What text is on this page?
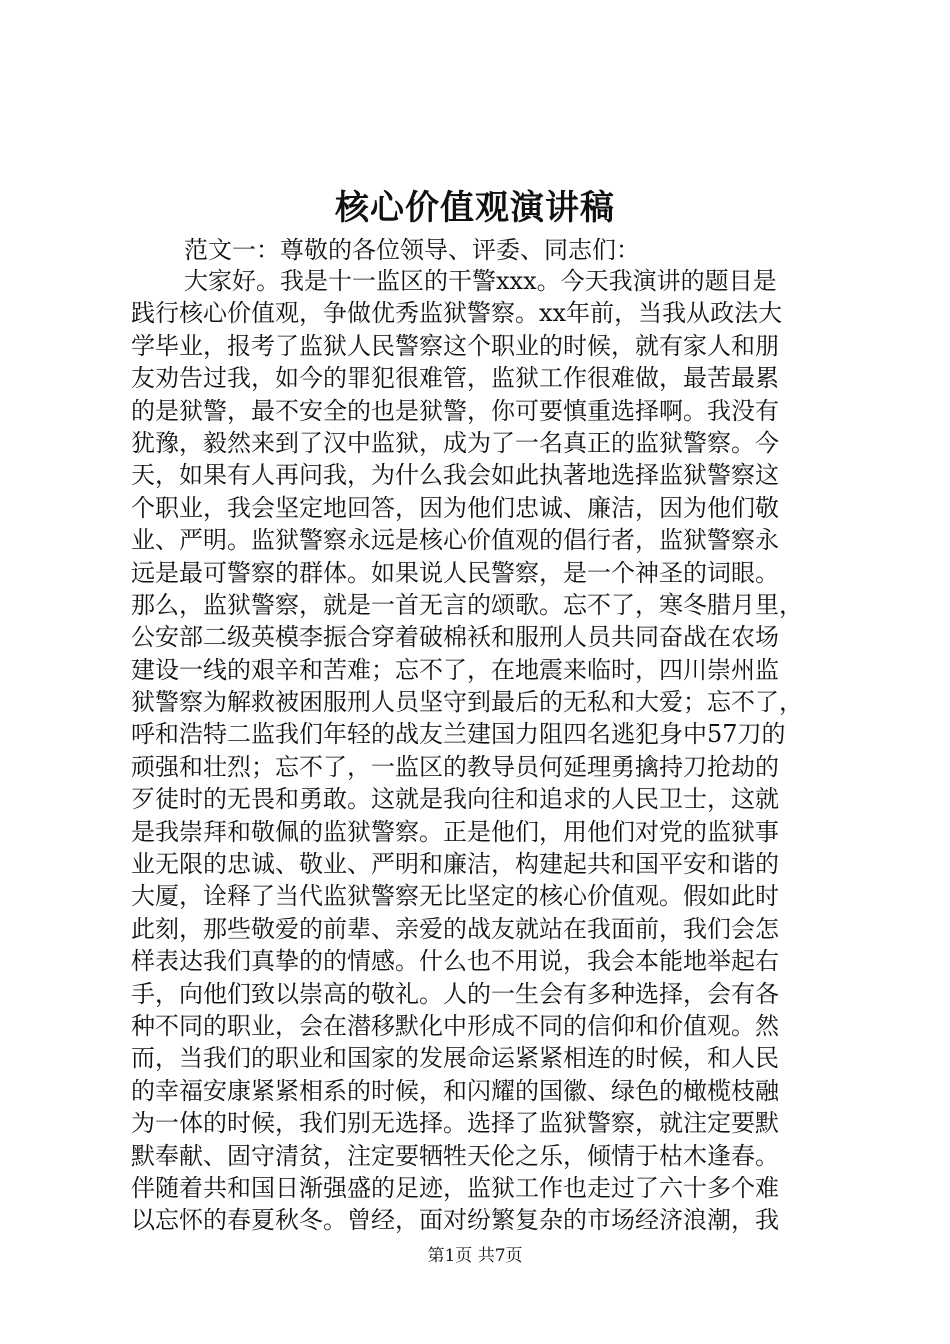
核心价值观演讲稿
范文一：尊敬的各位领导、评委、同志们：
大家好。我是十一监区的干警xxx。今天我演讲的题目是
践行核心价值观，争做优秀监狱警察。xx年前，当我从政法大
学毕业，报考了监狱人民警察这个职业的时候，就有家人和朋
友劝告过我，如今的罪犯很难管，监狱工作很难做，最苦最累
的是狱警，最不安全的也是狱警，你可要慎重选择啊。我没有
犹豫，毅然来到了汉中监狱，成为了一名真正的监狱警察。今
天，如果有人再问我，为什么我会如此执著地选择监狱警察这
个职业，我会坚定地回答，因为他们忠诚、廉洁，因为他们敬
业、严明。监狱警察永远是核心价值观的倡行者，监狱警察永
远是最可警察的群体。如果说人民警察，是一个神圣的词眼。
那么，监狱警察，就是一首无言的颂歌。忘不了，寒冬腊月里，
公安部二级英模李振合穿着破棉袄和服刑人员共同奋战在农场
建设一线的艰辛和苦难；忘不了，在地震来临时，四川崇州监
狱警察为解救被困服刑人员坚守到最后的无私和大爱；忘不了，
呼和浩特二监我们年轻的战友兰建国力阻四名逃犯身中57刀的
顽强和壮烈；忘不了，一监区的教导员何延理勇擒持刀抢劫的
歹徒时的无畏和勇敢。这就是我向往和追求的人民卫士，这就
是我崇拜和敬佩的监狱警察。正是他们，用他们对党的监狱事
业无限的忠诚、敬业、严明和廉洁，构建起共和国平安和谐的
大厦，诠释了当代监狱警察无比坚定的核心价值观。假如此时
此刻，那些敬爱的前辈、亲爱的战友就站在我面前，我们会怎
样表达我们真挚的的情感。什么也不用说，我会本能地举起右
手，向他们致以崇高的敬礼。人的一生会有多种选择，会有各
种不同的职业，会在潜移默化中形成不同的信仰和价值观。然
而，当我们的职业和国家的发展命运紧紧相连的时候，和人民
的幸福安康紧紧相系的时候，和闪耀的国徽、绿色的橄榄枝融
为一体的时候，我们别无选择。选择了监狱警察，就注定要默
默奉献、固守清贫，注定要牺牲天伦之乐，倾情于枯木逢春。
伴随着共和国日渐强盛的足迹，监狱工作也走过了六十多个难
以忘怀的春夏秋冬。曾经，面对纷繁复杂的市场经济浪潮，我
第1页 共7页
